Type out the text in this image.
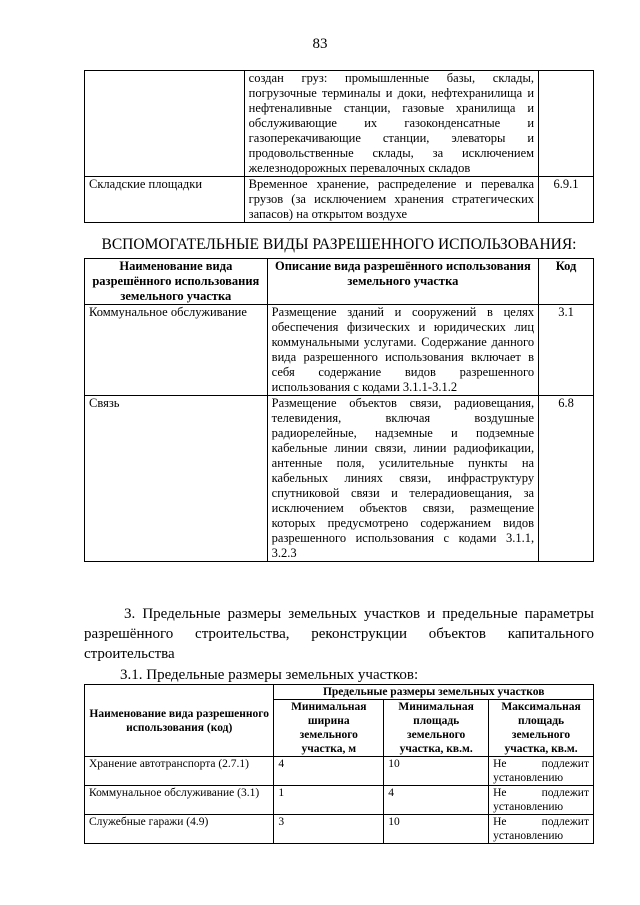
83
	создан груз: промышленные базы, склады, погрузочные терминалы и доки, нефтехранилища и нефтеналивные станции, газовые хранилища и обслуживающие их газоконденсатные и газоперекачивающие станции, элеваторы и продовольственные склады, за исключением железнодорожных перевалочных складов	
Складские площадки	Временное хранение, распределение и перевалка грузов (за исключением хранения стратегических запасов) на открытом воздухе	6.9.1
ВСПОМОГАТЕЛЬНЫЕ ВИДЫ РАЗРЕШЕННОГО ИСПОЛЬЗОВАНИЯ:
Наименование вида разрешённого использования земельного участка	Описание вида разрешённого использования земельного участка	Код
Коммунальное обслуживание	Размещение зданий и сооружений в целях обеспечения физических и юридических лиц коммунальными услугами. Содержание данного вида разрешенного использования включает в себя содержание видов разрешенного использования с кодами 3.1.1-3.1.2	3.1
Связь	Размещение объектов связи, радиовещания, телевидения, включая воздушные радиорелейные, надземные и подземные кабельные линии связи, линии радиофикации, антенные поля, усилительные пункты на кабельных линиях связи, инфраструктуру спутниковой связи и телерадиовещания, за исключением объектов связи, размещение которых предусмотрено содержанием видов разрешенного использования с кодами 3.1.1, 3.2.3	6.8
3. Предельные размеры земельных участков и предельные параметры разрешённого строительства, реконструкции объектов капитального строительства
3.1. Предельные размеры земельных участков:
Наименование вида разрешенного использования (код)	Предельные размеры земельных участков		
	Минимальная ширина земельного участка, м	Минимальная площадь земельного участка, кв.м.	Максимальная площадь земельного участка, кв.м.
Хранение автотранспорта (2.7.1)	4	10	Не подлежит установлению
Коммунальное обслуживание (3.1)	1	4	Не подлежит установлению
Служебные гаражи (4.9)	3	10	Не подлежит установлению
